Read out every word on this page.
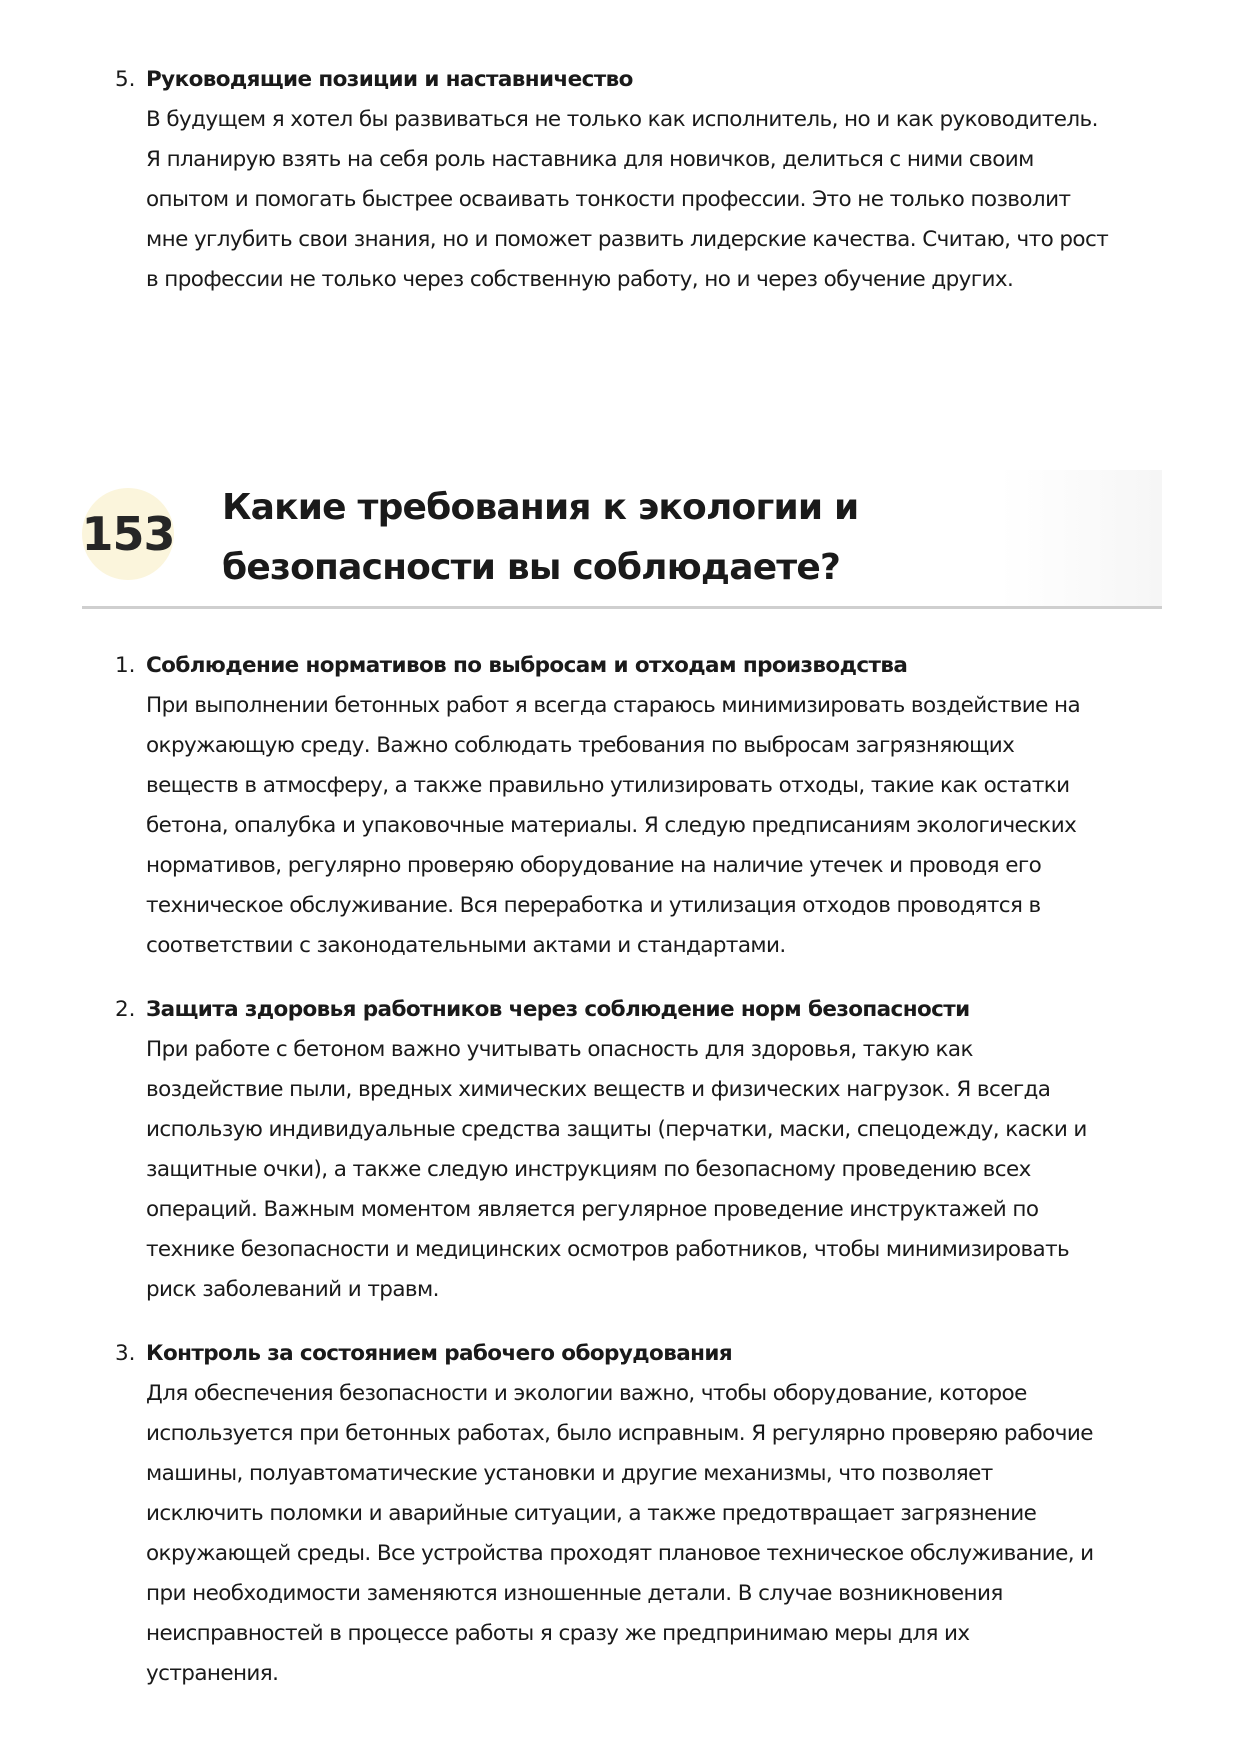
5. Руководящие позиции и наставничество
В будущем я хотел бы развиваться не только как исполнитель, но и как руководитель.
Я планирую взять на себя роль наставника для новичков, делиться с ними своим
опытом и помогать быстрее осваивать тонкости профессии. Это не только позволит
мне углубить свои знания, но и поможет развить лидерские качества. Считаю, что рост
в профессии не только через собственную работу, но и через обучение других.
153 Какие требования к экологии и безопасности вы соблюдаете?
1. Соблюдение нормативов по выбросам и отходам производства
При выполнении бетонных работ я всегда стараюсь минимизировать воздействие на
окружающую среду. Важно соблюдать требования по выбросам загрязняющих
веществ в атмосферу, а также правильно утилизировать отходы, такие как остатки
бетона, опалубка и упаковочные материалы. Я следую предписаниям экологических
нормативов, регулярно проверяю оборудование на наличие утечек и проводя его
техническое обслуживание. Вся переработка и утилизация отходов проводятся в
соответствии с законодательными актами и стандартами.
2. Защита здоровья работников через соблюдение норм безопасности
При работе с бетоном важно учитывать опасность для здоровья, такую как
воздействие пыли, вредных химических веществ и физических нагрузок. Я всегда
использую индивидуальные средства защиты (перчатки, маски, спецодежду, каски и
защитные очки), а также следую инструкциям по безопасному проведению всех
операций. Важным моментом является регулярное проведение инструктажей по
технике безопасности и медицинских осмотров работников, чтобы минимизировать
риск заболеваний и травм.
3. Контроль за состоянием рабочего оборудования
Для обеспечения безопасности и экологии важно, чтобы оборудование, которое
используется при бетонных работах, было исправным. Я регулярно проверяю рабочие
машины, полуавтоматические установки и другие механизмы, что позволяет
исключить поломки и аварийные ситуации, а также предотвращает загрязнение
окружающей среды. Все устройства проходят плановое техническое обслуживание, и
при необходимости заменяются изношенные детали. В случае возникновения
неисправностей в процессе работы я сразу же предпринимаю меры для их
устранения.
